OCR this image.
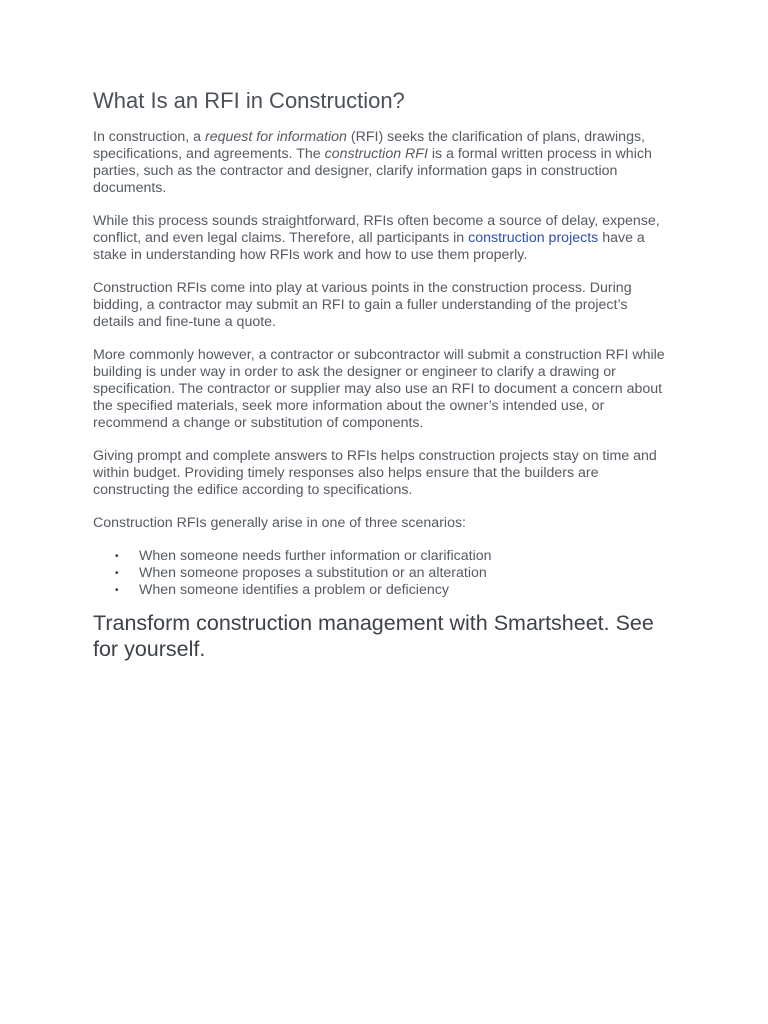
What Is an RFI in Construction?

In construction, a request for information (RFI) seeks the clarification of plans, drawings, specifications, and agreements. The construction RFI is a formal written process in which parties, such as the contractor and designer, clarify information gaps in construction documents.

While this process sounds straightforward, RFIs often become a source of delay, expense, conflict, and even legal claims. Therefore, all participants in construction projects have a stake in understanding how RFIs work and how to use them properly.

Construction RFIs come into play at various points in the construction process. During bidding, a contractor may submit an RFI to gain a fuller understanding of the project’s details and fine-tune a quote.

More commonly however, a contractor or subcontractor will submit a construction RFI while building is under way in order to ask the designer or engineer to clarify a drawing or specification. The contractor or supplier may also use an RFI to document a concern about the specified materials, seek more information about the owner’s intended use, or recommend a change or substitution of components.

Giving prompt and complete answers to RFIs helps construction projects stay on time and within budget. Providing timely responses also helps ensure that the builders are constructing the edifice according to specifications.

Construction RFIs generally arise in one of three scenarios:

• When someone needs further information or clarification
• When someone proposes a substitution or an alteration
• When someone identifies a problem or deficiency
Transform construction management with Smartsheet. See for yourself.
